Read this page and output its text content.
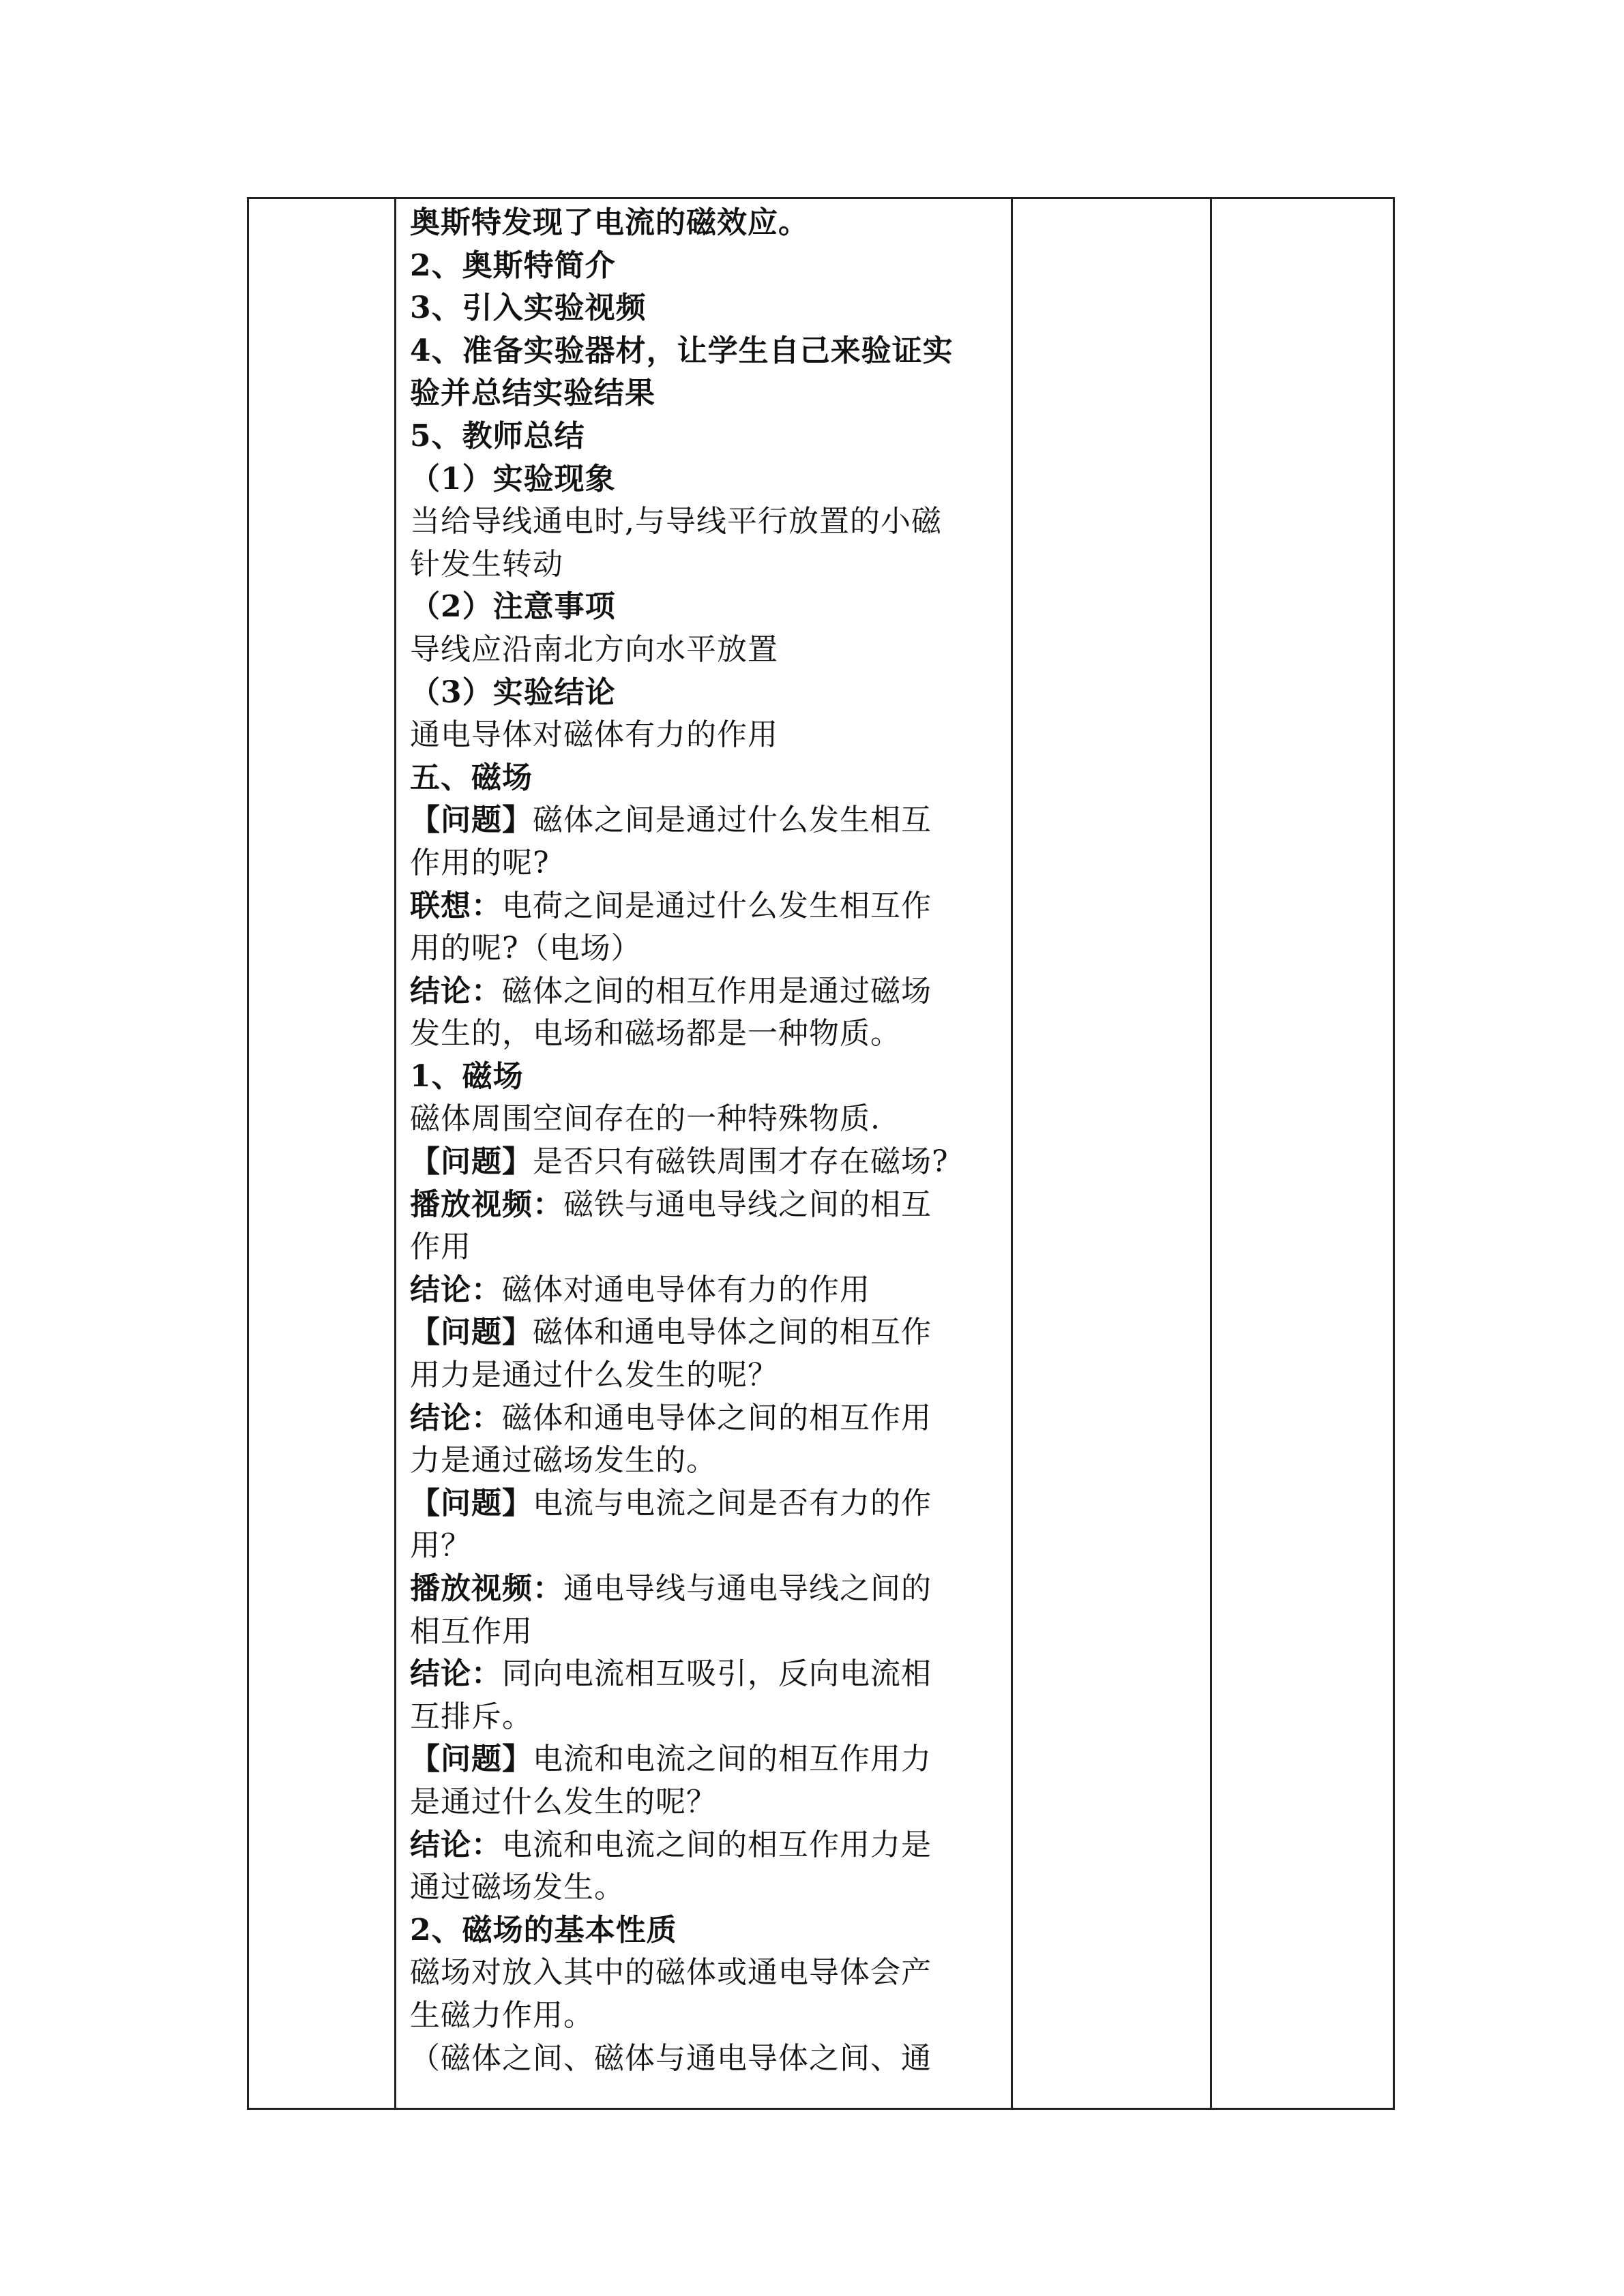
奥斯特发现了电流的磁效应。
2、奥斯特简介
3、引入实验视频
4、准备实验器材，让学生自己来验证实
验并总结实验结果
5、教师总结
（1）实验现象
当给导线通电时,与导线平行放置的小磁
针发生转动
（2）注意事项
导线应沿南北方向水平放置
（3）实验结论
通电导体对磁体有力的作用
五、磁场
【问题】磁体之间是通过什么发生相互
作用的呢?
联想：电荷之间是通过什么发生相互作
用的呢?（电场）
结论：磁体之间的相互作用是通过磁场
发生的，电场和磁场都是一种物质。
1、磁场
磁体周围空间存在的一种特殊物质.
【问题】是否只有磁铁周围才存在磁场?
播放视频：磁铁与通电导线之间的相互
作用
结论：磁体对通电导体有力的作用
【问题】磁体和通电导体之间的相互作
用力是通过什么发生的呢？
结论：磁体和通电导体之间的相互作用
力是通过磁场发生的。
【问题】电流与电流之间是否有力的作
用？
播放视频：通电导线与通电导线之间的
相互作用
结论：同向电流相互吸引，反向电流相
互排斥。
【问题】电流和电流之间的相互作用力
是通过什么发生的呢？
结论：电流和电流之间的相互作用力是
通过磁场发生。
2、磁场的基本性质
磁场对放入其中的磁体或通电导体会产
生磁力作用。
（磁体之间、磁体与通电导体之间、通
